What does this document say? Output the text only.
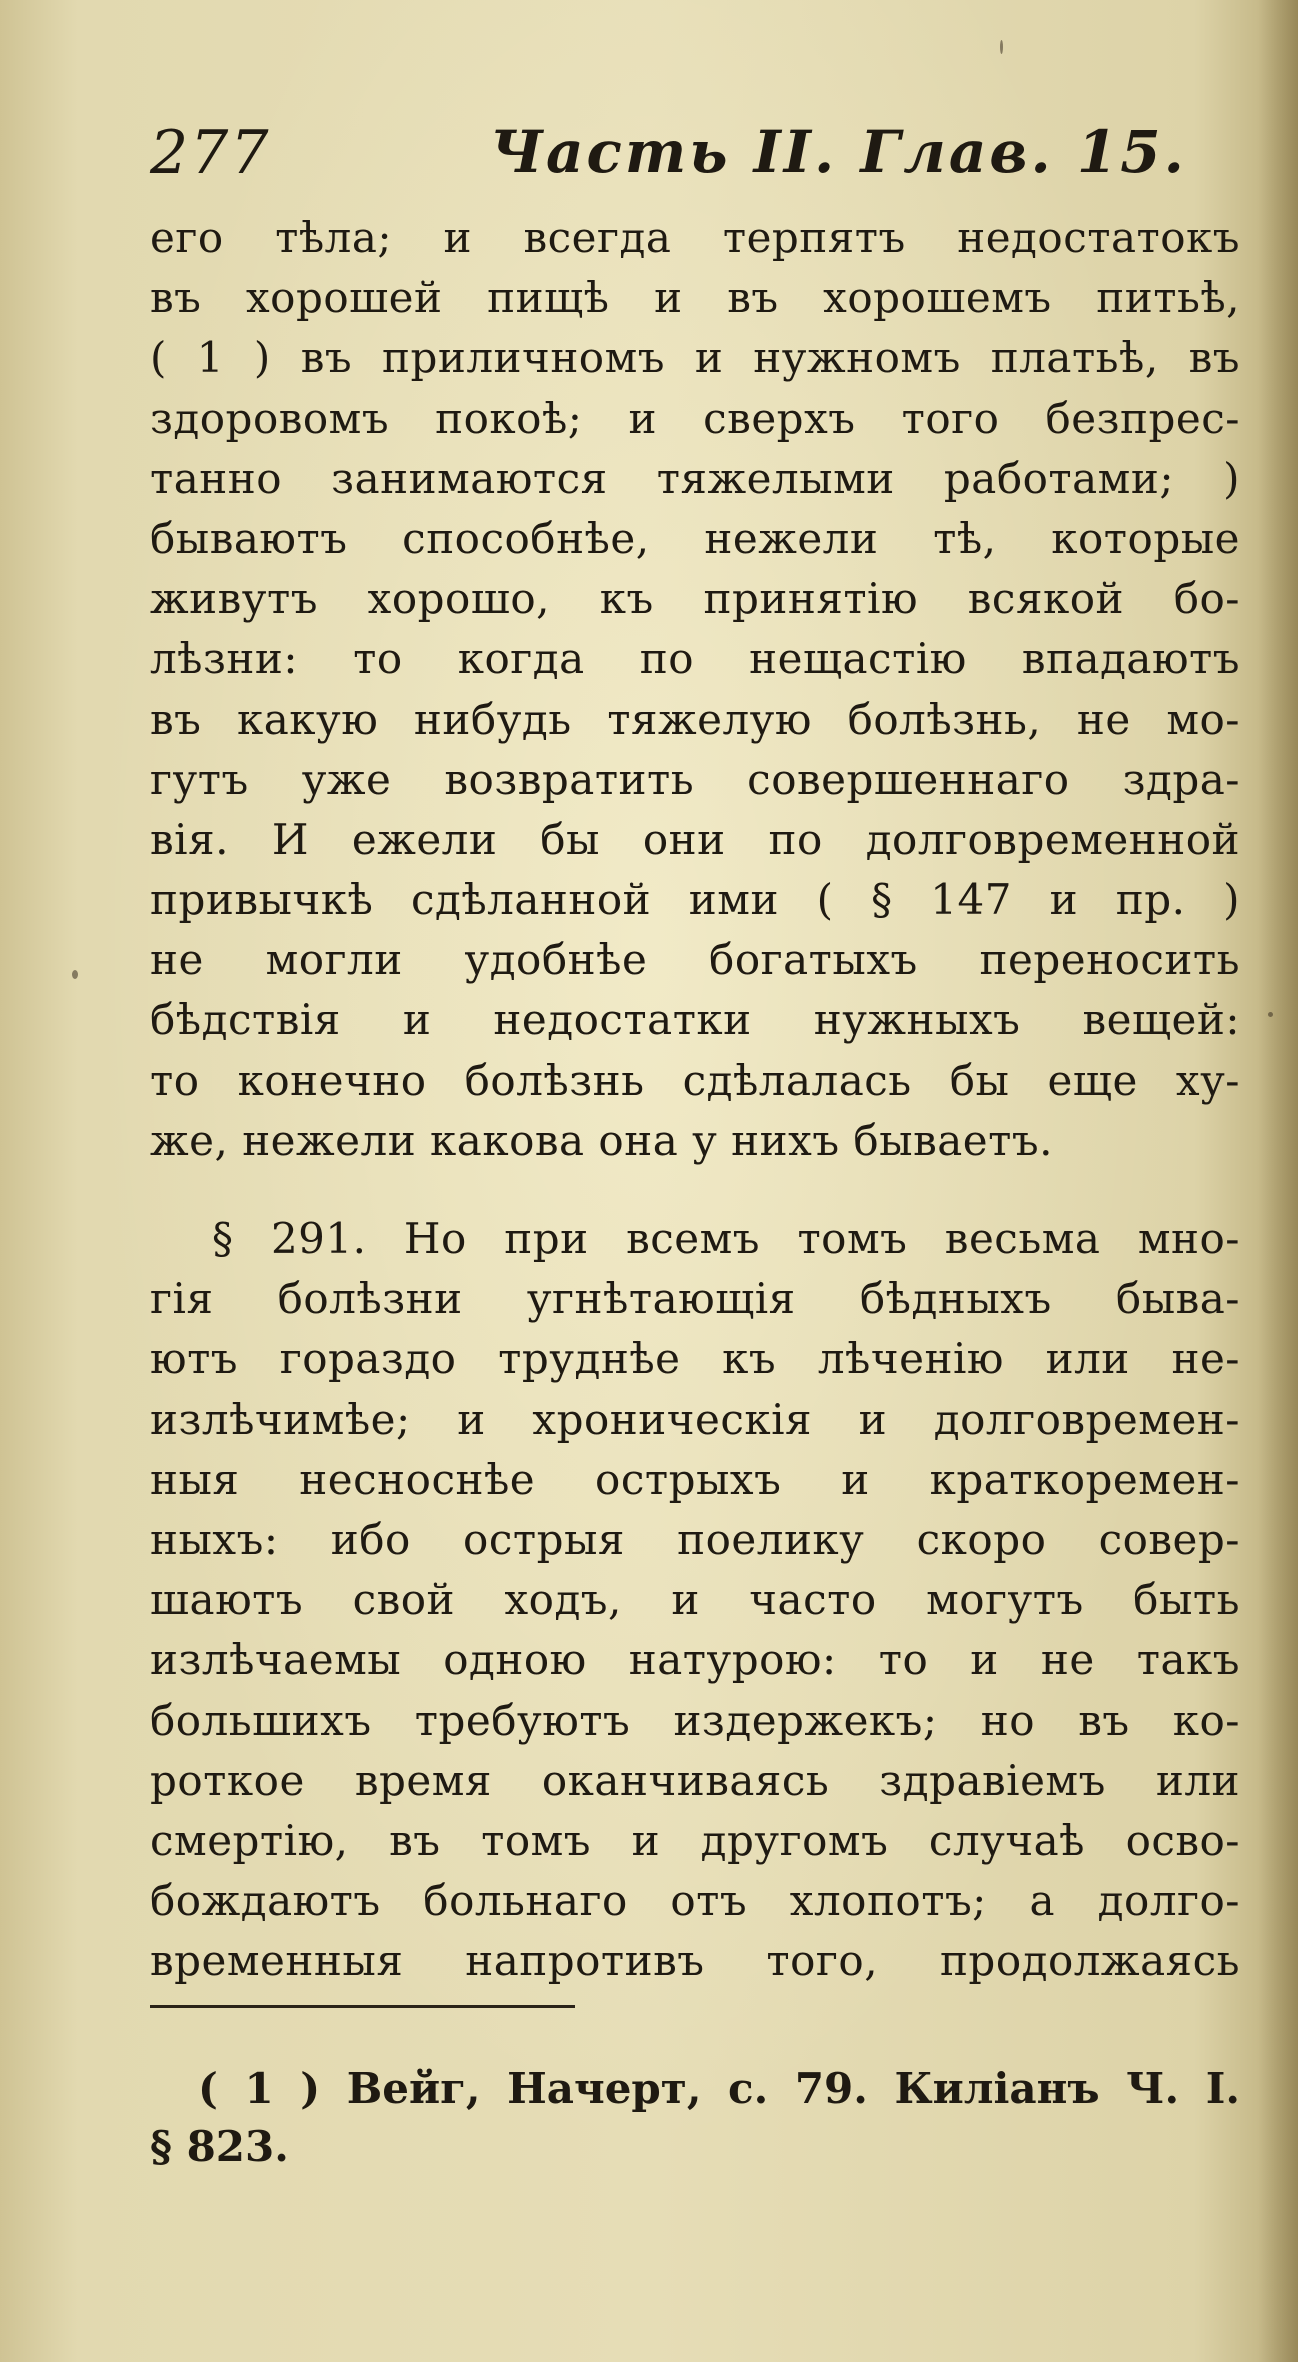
277	Часть II. Глав. 15.
его тѣла; и всегда терпятъ недостатокъ
въ хорошей пищѣ и въ хорошемъ питьѣ,
( 1 ) въ приличномъ и нужномъ платьѣ, въ
здоровомъ покоѣ; и сверхъ того безпрес-
танно занимаются тяжелыми работами; )
бываютъ способнѣе, нежели тѣ, которые
живутъ хорошо, къ принятію всякой бо-
лѣзни: то когда по нещастію впадаютъ
въ какую нибудь тяжелую болѣзнь, не мо-
гутъ уже возвратить совершеннаго здра-
вія. И ежели бы они по долговременной
привычкѣ сдѣланной ими ( § 147 и пр. )
не могли удобнѣе богатыхъ переносить
бѣдствія и недостатки нужныхъ вещей:
то конечно болѣзнь сдѣлалась бы еще ху-
же, нежели какова она у нихъ бываетъ.
§ 291. Но при всемъ томъ весьма мно-
гія болѣзни угнѣтающія бѣдныхъ быва-
ютъ гораздо труднѣе къ лѣченію или не-
излѣчимѣе; и хроническія и долговремен-
ныя несноснѣе острыхъ и краткоремен-
ныхъ: ибо острыя поелику скоро совер-
шаютъ свой ходъ, и часто могутъ быть
излѣчаемы одною натурою: то и не такъ
большихъ требуютъ издержекъ; но въ ко-
роткое время оканчиваясь здравіемъ или
смертію, въ томъ и другомъ случаѣ осво-
бождаютъ больнаго отъ хлопотъ; а долго-
временныя напротивъ того, продолжаясь
( 1 ) Вейг, Начерт, с. 79. Киліанъ Ч. I.
§ 823.
